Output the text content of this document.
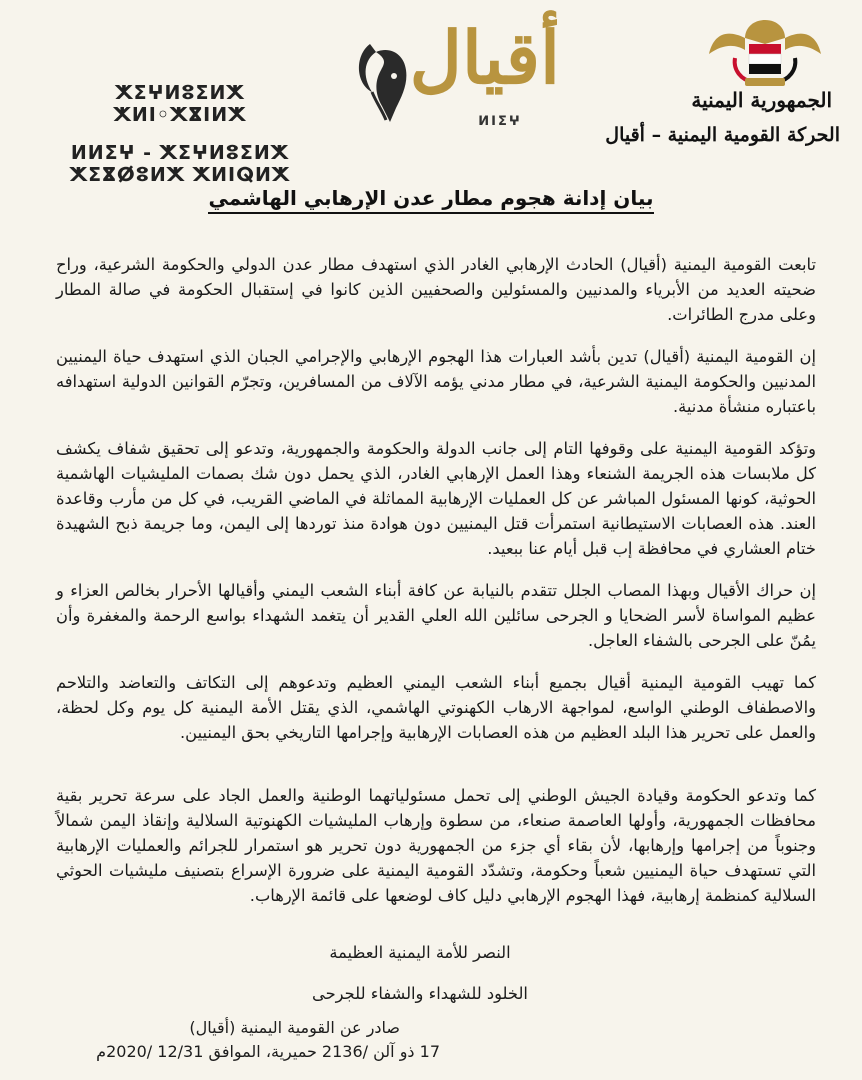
ⵅⵉⵖⵍⵓⵉⵍⵅ ⵅⵍⵏ◦ⵅⴵⵏⵍⵅ
ⵍⵍⵉⵖ - ⵅⵉⵖⵍⵓⵉⵍⵅ ⵅⵉⴵⵁⵓⵍⵅ ⵅⵍⵏⵕⵍⵅ
أقيال
ⵍⵏⵉⵖ
الجمهورية اليمنية
الحركة القومية اليمنية – أقيال
بيان إدانة هجوم مطار عدن الإرهابي الهاشمي

تابعت القومية اليمنية (أقيال) الحادث الإرهابي الغادر الذي استهدف مطار عدن الدولي والحكومة الشرعية، وراح ضحيته العديد من الأبرياء والمدنيين والمسئولين والصحفيين الذين كانوا في إستقبال الحكومة في صالة المطار وعلى مدرج الطائرات.

إن القومية اليمنية (أقيال) تدين بأشد العبارات هذا الهجوم الإرهابي والإجرامي الجبان الذي استهدف حياة اليمنيين المدنيين والحكومة اليمنية الشرعية، في مطار مدني يؤمه الآلاف من المسافرين، وتجرّم القوانين الدولية استهدافه باعتباره منشأة مدنية.

وتؤكد القومية اليمنية على وقوفها التام إلى جانب الدولة والحكومة والجمهورية، وتدعو إلى تحقيق شفاف يكشف كل ملابسات هذه الجريمة الشنعاء وهذا العمل الإرهابي الغادر، الذي يحمل دون شك بصمات المليشيات الهاشمية الحوثية، كونها المسئول المباشر عن كل العمليات الإرهابية المماثلة في الماضي القريب، في كل من مأرب وقاعدة العند. هذه العصابات الاستيطانية استمرأت قتل اليمنيين دون هوادة منذ توردها إلى اليمن، وما جريمة ذبح الشهيدة ختام العشاري في محافظة إب قبل أيام عنا ببعيد.

إن حراك الأقيال وبهذا المصاب الجلل تتقدم بالنيابة عن كافة أبناء الشعب اليمني وأقيالها الأحرار بخالص العزاء و عظيم المواساة لأسر الضحايا و الجرحى سائلين الله العلي القدير أن يتغمد الشهداء بواسع الرحمة والمغفرة وأن يمُنّ على الجرحى بالشفاء العاجل.

كما تهيب القومية اليمنية أقيال بجميع أبناء الشعب اليمني العظيم وتدعوهم إلى التكاتف والتعاضد والتلاحم والاصطفاف الوطني الواسع، لمواجهة الارهاب الكهنوتي الهاشمي، الذي يقتل الأمة اليمنية كل يوم وكل لحظة، والعمل على تحرير هذا البلد العظيم من هذه العصابات الإرهابية وإجرامها التاريخي بحق اليمنيين.

كما وتدعو الحكومة وقيادة الجيش الوطني إلى تحمل مسئولياتهما الوطنية والعمل الجاد على سرعة تحرير بقية محافظات الجمهورية، وأولها العاصمة صنعاء، من سطوة وإرهاب المليشيات الكهنوتية السلالية وإنقاذ اليمن شمالاً وجنوباً من إجرامها وإرهابها، لأن بقاء أي جزء من الجمهورية دون تحرير هو استمرار للجرائم والعمليات الإرهابية التي تستهدف حياة اليمنيين شعباً وحكومة، وتشدّد القومية اليمنية على ضرورة الإسراع بتصنيف مليشيات الحوثي السلالية كمنظمة إرهابية، فهذا الهجوم الإرهابي دليل كاف لوضعها على قائمة الإرهاب.

النصر للأمة اليمنية العظيمة
الخلود للشهداء والشفاء للجرحى
صادر عن القومية اليمنية (أقيال)
17 ذو آلن /2136 حميرية، الموافق 12/31 /2020م
